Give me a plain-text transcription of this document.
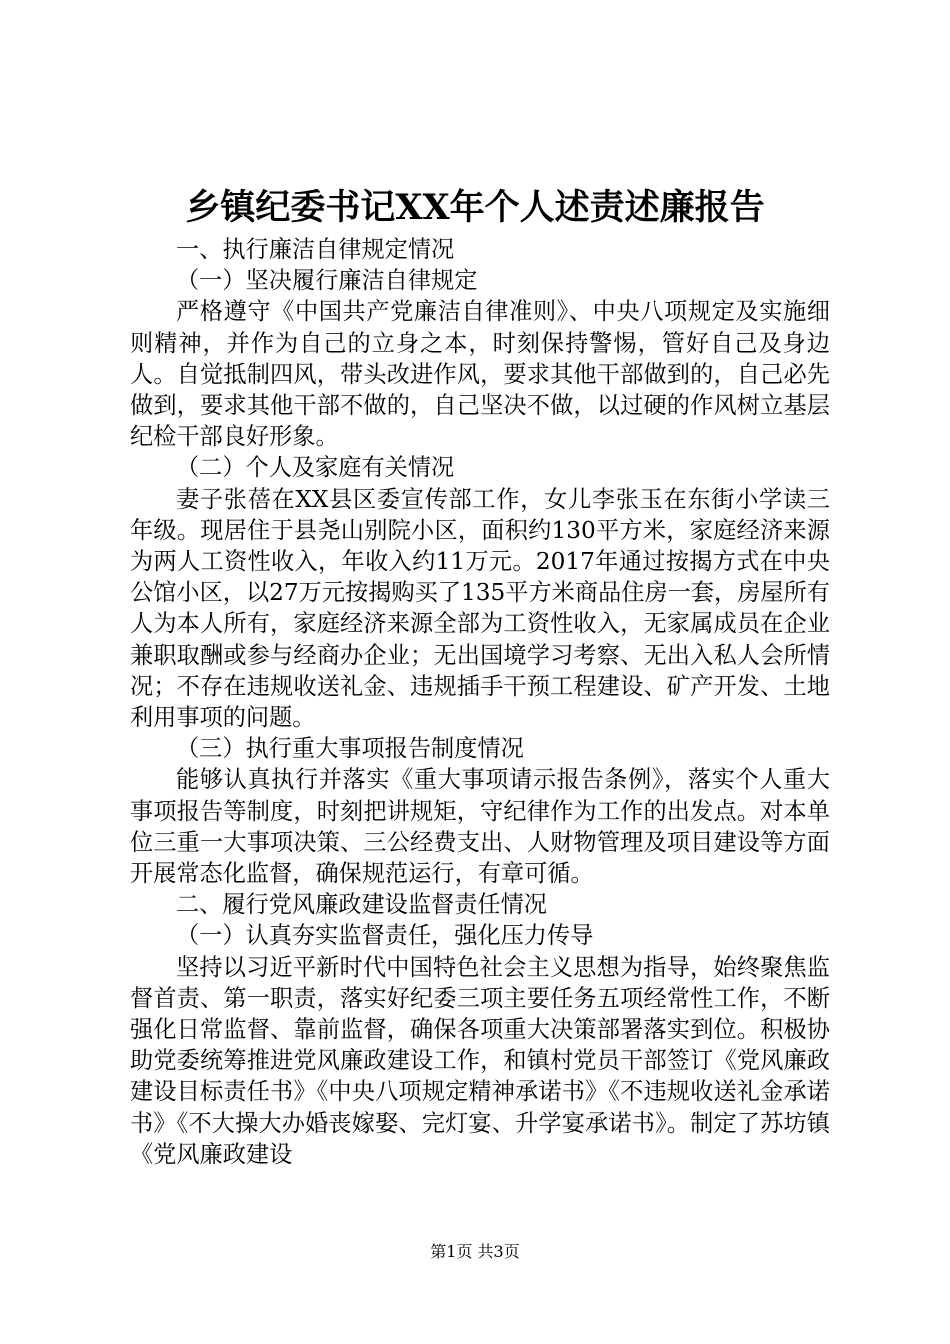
乡镇纪委书记XX年个人述责述廉报告

一、执行廉洁自律规定情况

（一）坚决履行廉洁自律规定

严格遵守《中国共产党廉洁自律准则》、中央八项规定及实施细则精神，并作为自己的立身之本，时刻保持警惕，管好自己及身边人。自觉抵制四风，带头改进作风，要求其他干部做到的，自己必先做到，要求其他干部不做的，自己坚决不做，以过硬的作风树立基层纪检干部良好形象。

（二）个人及家庭有关情况

妻子张蓓在XX县区委宣传部工作，女儿李张玉在东街小学读三年级。现居住于县尧山别院小区，面积约130平方米，家庭经济来源为两人工资性收入，年收入约11万元。2017年通过按揭方式在中央公馆小区，以27万元按揭购买了135平方米商品住房一套，房屋所有人为本人所有，家庭经济来源全部为工资性收入，无家属成员在企业兼职取酬或参与经商办企业；无出国境学习考察、无出入私人会所情况；不存在违规收送礼金、违规插手干预工程建设、矿产开发、土地利用事项的问题。

（三）执行重大事项报告制度情况

能够认真执行并落实《重大事项请示报告条例》，落实个人重大事项报告等制度，时刻把讲规矩，守纪律作为工作的出发点。对本单位三重一大事项决策、三公经费支出、人财物管理及项目建设等方面开展常态化监督，确保规范运行，有章可循。

二、履行党风廉政建设监督责任情况

（一）认真夯实监督责任，强化压力传导

坚持以习近平新时代中国特色社会主义思想为指导，始终聚焦监督首责、第一职责，落实好纪委三项主要任务五项经常性工作，不断强化日常监督、靠前监督，确保各项重大决策部署落实到位。积极协助党委统筹推进党风廉政建设工作，和镇村党员干部签订《党风廉政建设目标责任书》《中央八项规定精神承诺书》《不违规收送礼金承诺书》《不大操大办婚丧嫁娶、完灯宴、升学宴承诺书》。制定了苏坊镇《党风廉政建设

第1页 共3页
